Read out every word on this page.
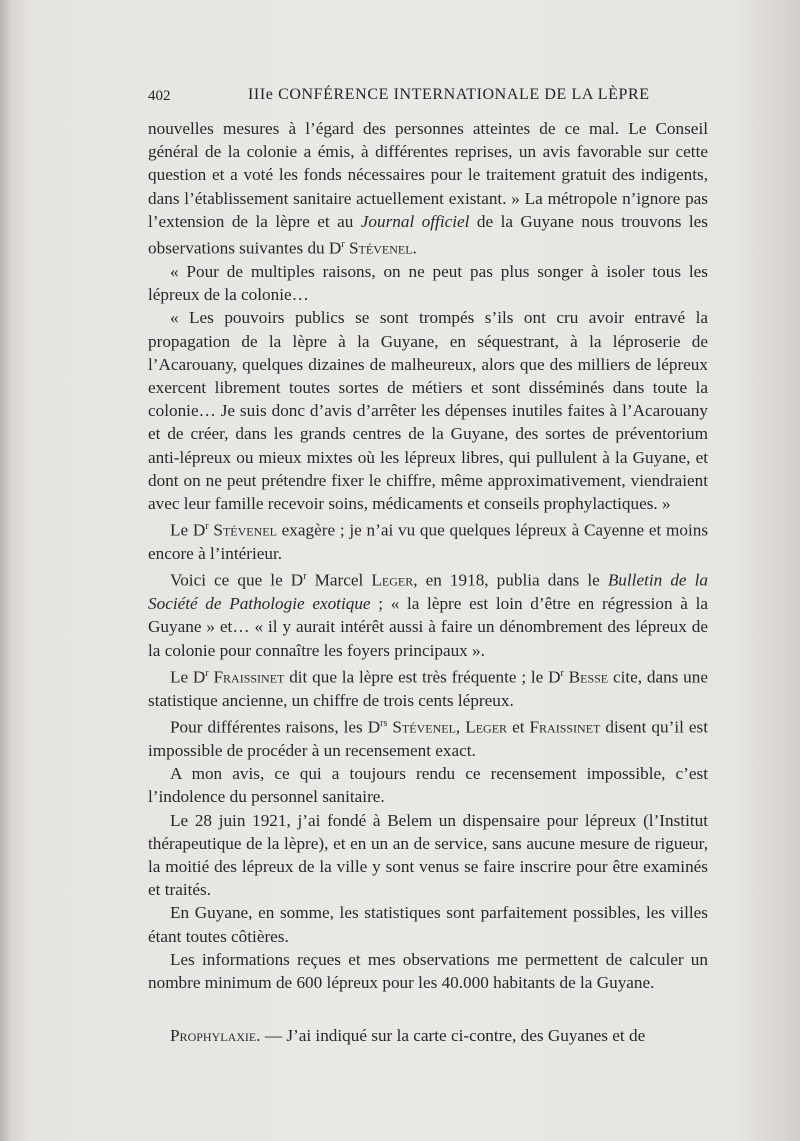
402	IIIe CONFÉRENCE INTERNATIONALE DE LA LÈPRE

nouvelles mesures à l’égard des personnes atteintes de ce mal. Le Conseil général de la colonie a émis, à différentes reprises, un avis favorable sur cette question et a voté les fonds nécessaires pour le traitement gratuit des indigents, dans l’établissement sanitaire actuellement existant. » La métropole n’ignore pas l’extension de la lèpre et au Journal officiel de la Guyane nous trouvons les observations suivantes du $D^r$ Stévenel.

« Pour de multiples raisons, on ne peut pas plus songer à isoler tous les lépreux de la colonie…

« Les pouvoirs publics se sont trompés s’ils ont cru avoir entravé la propagation de la lèpre à la Guyane, en séquestrant, à la léproserie de l’Acarouany, quelques dizaines de malheureux, alors que des milliers de lépreux exercent librement toutes sortes de métiers et sont disséminés dans toute la colonie… Je suis donc d’avis d’arrêter les dépenses inutiles faites à l’Acarouany et de créer, dans les grands centres de la Guyane, des sortes de préventorium anti-lépreux ou mieux mixtes où les lépreux libres, qui pullulent à la Guyane, et dont on ne peut prétendre fixer le chiffre, même approximativement, viendraient avec leur famille recevoir soins, médicaments et conseils prophylactiques. »

Le $D^r$ Stévenel exagère ; je n’ai vu que quelques lépreux à Cayenne et moins encore à l’intérieur.

Voici ce que le $D^r$ Marcel Leger, en 1918, publia dans le Bulletin de la Société de Pathologie exotique ; « la lèpre est loin d’être en régression à la Guyane » et… « il y aurait intérêt aussi à faire un dénombrement des lépreux de la colonie pour connaître les foyers principaux ».

Le $D^r$ Fraissinet dit que la lèpre est très fréquente ; le $D^r$ Besse cite, dans une statistique ancienne, un chiffre de trois cents lépreux.

Pour différentes raisons, les $D^{rs}$ Stévenel, Leger et Fraissinet disent qu’il est impossible de procéder à un recensement exact.

A mon avis, ce qui a toujours rendu ce recensement impossible, c’est l’indolence du personnel sanitaire.

Le 28 juin 1921, j’ai fondé à Belem un dispensaire pour lépreux (l’Institut thérapeutique de la lèpre), et en un an de service, sans aucune mesure de rigueur, la moitié des lépreux de la ville y sont venus se faire inscrire pour être examinés et traités.

En Guyane, en somme, les statistiques sont parfaitement possibles, les villes étant toutes côtières.

Les informations reçues et mes observations me permettent de calculer un nombre minimum de 600 lépreux pour les 40.000 habitants de la Guyane.

Prophylaxie. — J’ai indiqué sur la carte ci-contre, des Guyanes et de
